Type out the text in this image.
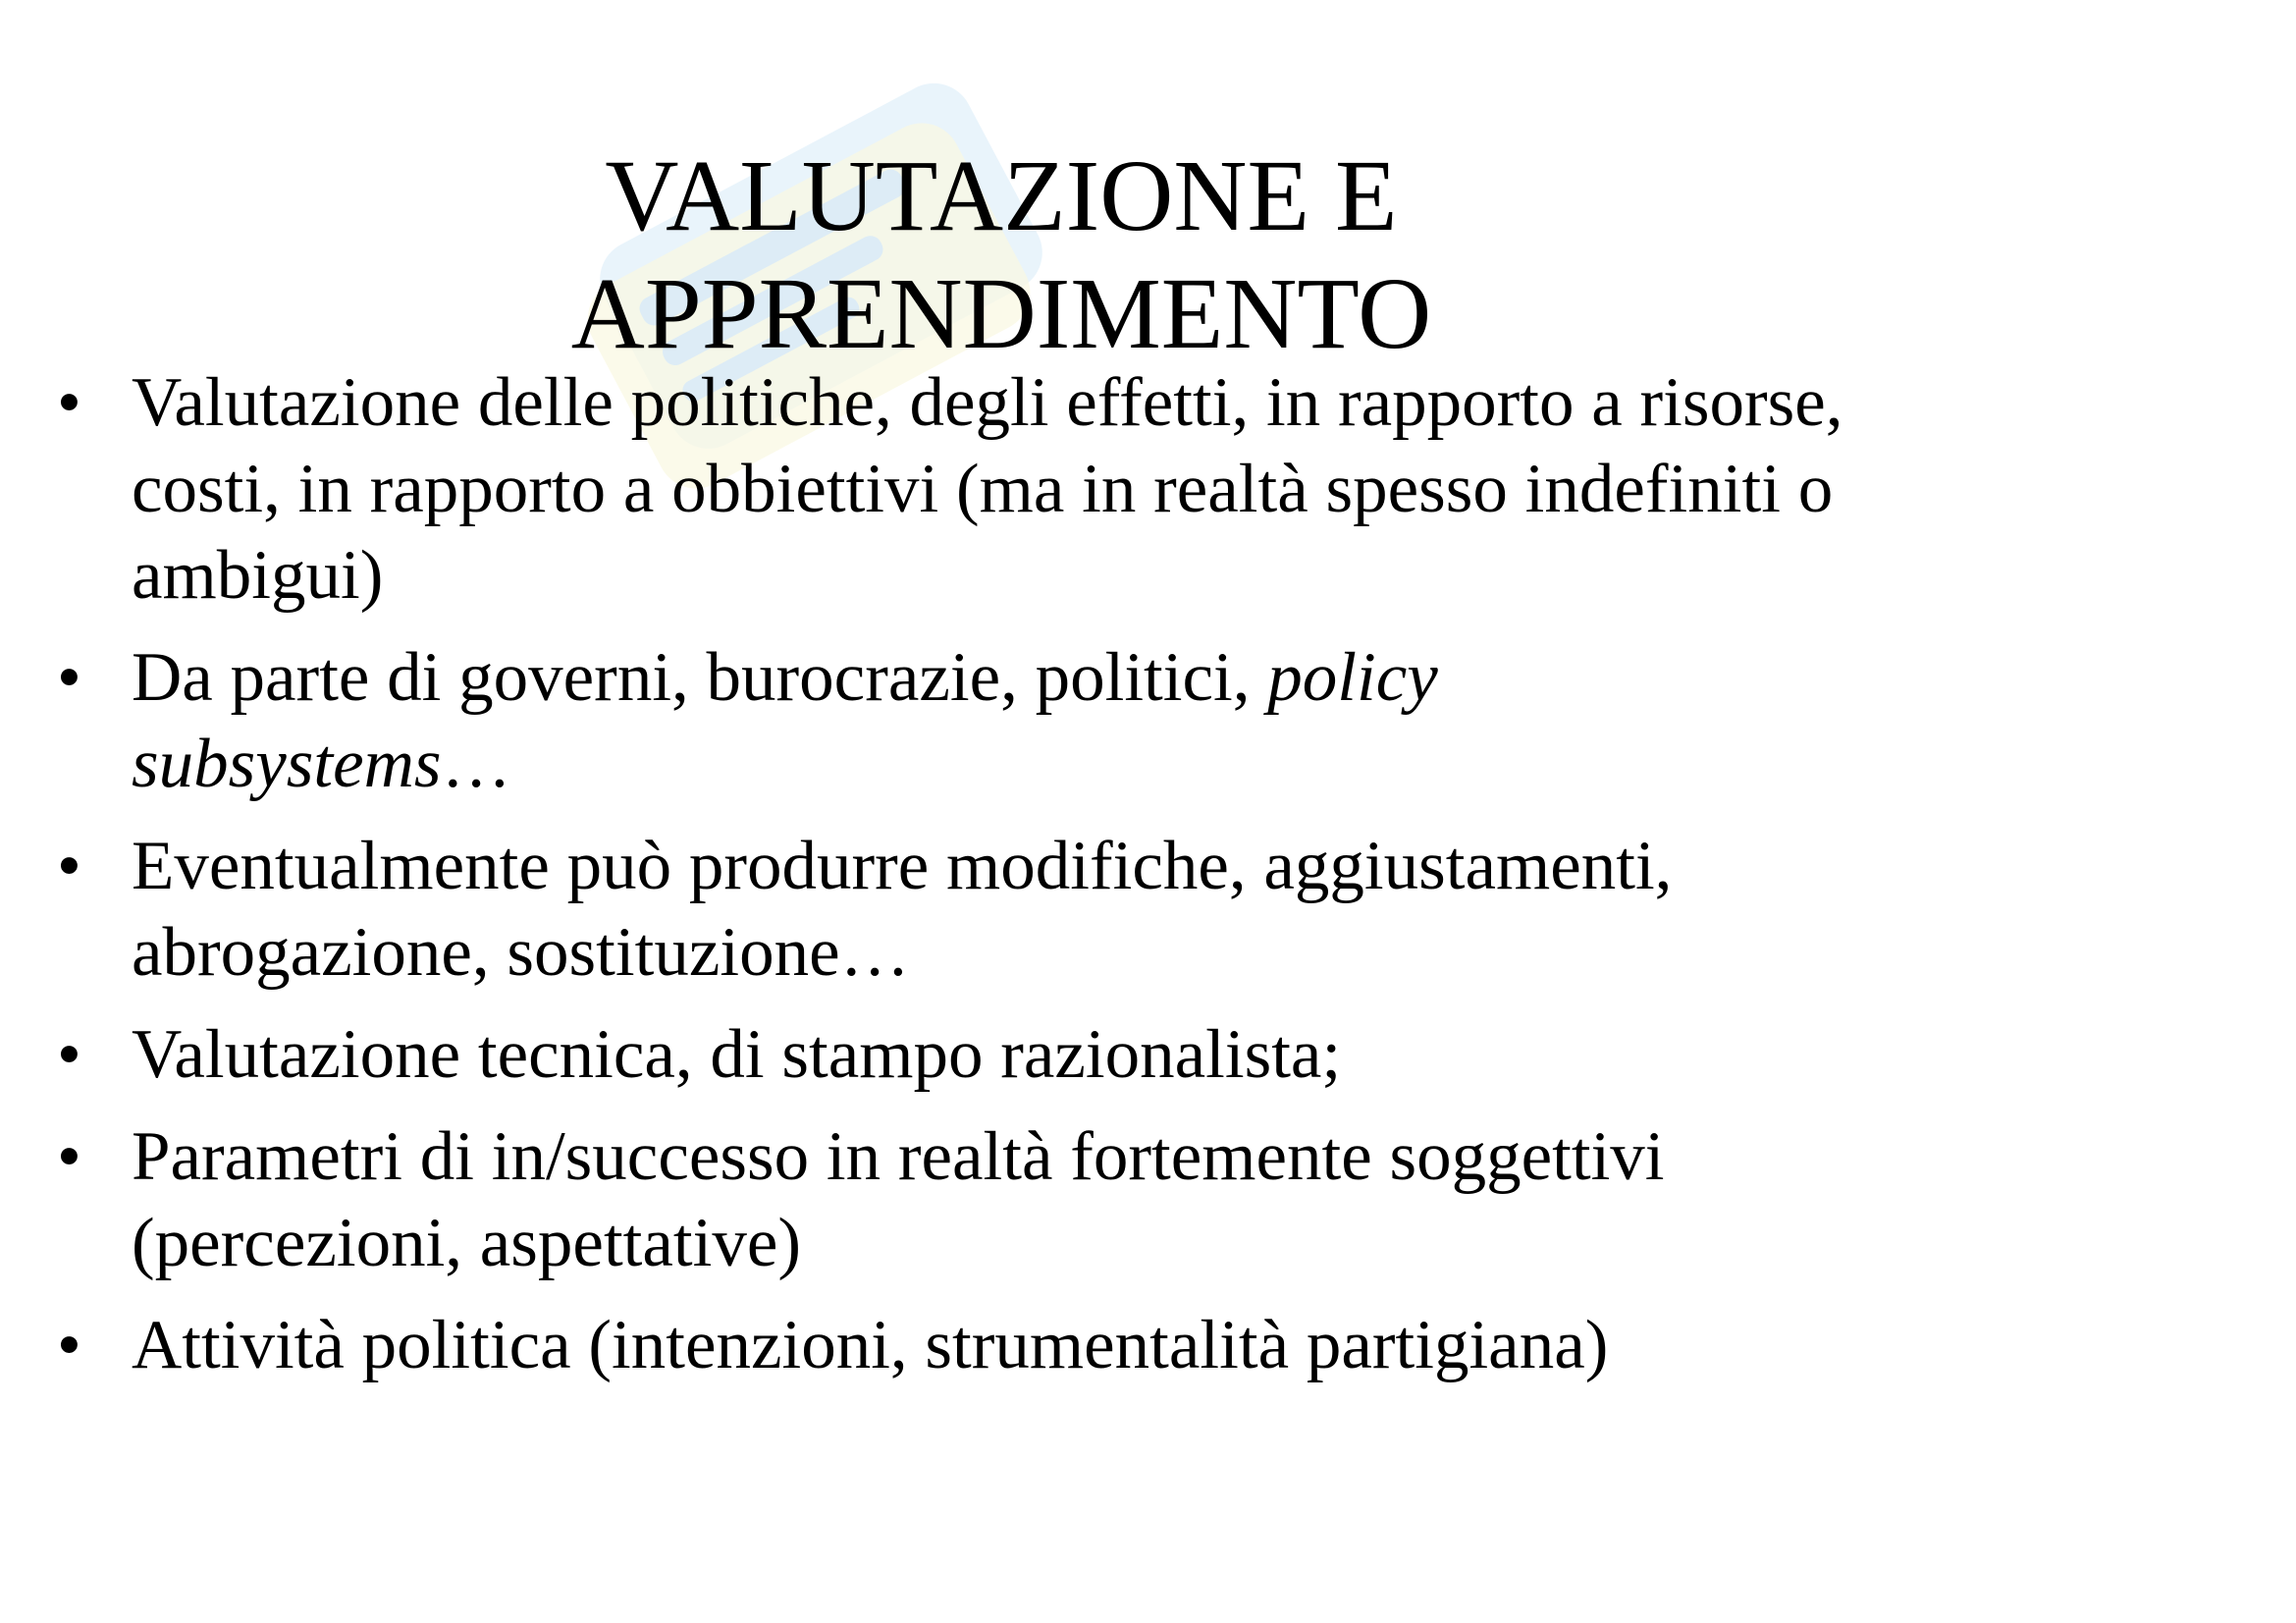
VALUTAZIONE E
APPRENDIMENTO
• Valutazione delle politiche, degli effetti, in rapporto a risorse, costi, in rapporto a obbiettivi (ma in realtà spesso indefiniti o ambigui)
• Da parte di governi, burocrazie, politici, policy subsystems…
• Eventualmente può produrre modifiche, aggiustamenti, abrogazione, sostituzione…
• Valutazione tecnica, di stampo razionalista;
• Parametri di in/successo in realtà fortemente soggettivi (percezioni, aspettative)
• Attività politica (intenzioni, strumentalità partigiana)
